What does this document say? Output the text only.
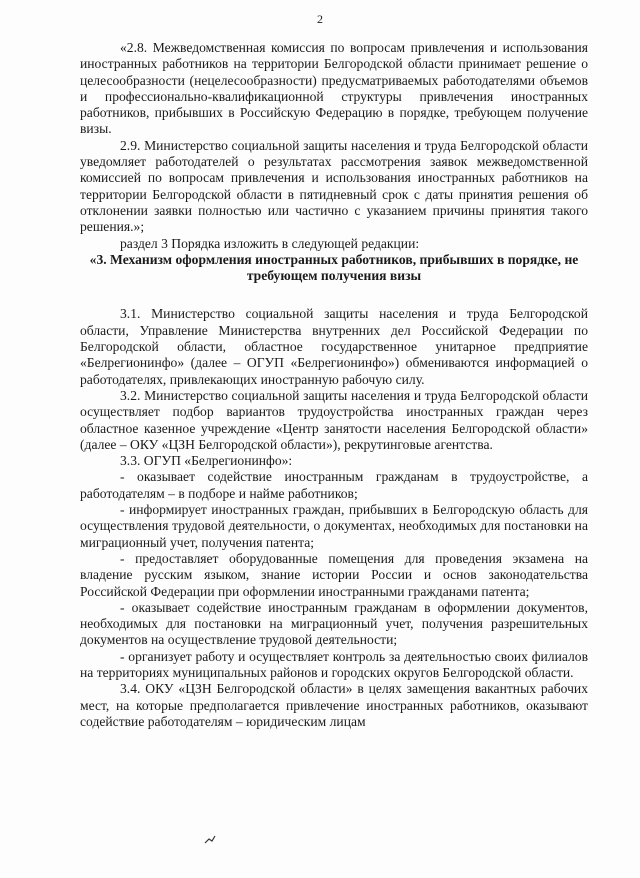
2

«2.8. Межведомственная комиссия по вопросам привлечения и использования иностранных работников на территории Белгородской области принимает решение о целесообразности (нецелесообразности) предусматриваемых работодателями объемов и профессионально-квалификационной структуры привлечения иностранных работников, прибывших в Российскую Федерацию в порядке, требующем получение визы.

2.9. Министерство социальной защиты населения и труда Белгородской области уведомляет работодателей о результатах рассмотрения заявок межведомственной комиссией по вопросам привлечения и использования иностранных работников на территории Белгородской области в пятидневный срок с даты принятия решения об отклонении заявки полностью или частично с указанием причины принятия такого решения.»;

раздел 3 Порядка изложить в следующей редакции:

«3. Механизм оформления иностранных работников, прибывших в порядке, не требующем получения визы

3.1. Министерство социальной защиты населения и труда Белгородской области, Управление Министерства внутренних дел Российской Федерации по Белгородской области, областное государственное унитарное предприятие «Белрегионинфо» (далее – ОГУП «Белрегионинфо») обмениваются информацией о работодателях, привлекающих иностранную рабочую силу.

3.2. Министерство социальной защиты населения и труда Белгородской области осуществляет подбор вариантов трудоустройства иностранных граждан через областное казенное учреждение «Центр занятости населения Белгородской области» (далее – ОКУ «ЦЗН Белгородской области»), рекрутинговые агентства.

3.3. ОГУП «Белрегионинфо»:

- оказывает содействие иностранным гражданам в трудоустройстве, а работодателям – в подборе и найме работников;

- информирует иностранных граждан, прибывших в Белгородскую область для осуществления трудовой деятельности, о документах, необходимых для постановки на миграционный учет, получения патента;

- предоставляет оборудованные помещения для проведения экзамена на владение русским языком, знание истории России и основ законодательства Российской Федерации при оформлении иностранными гражданами патента;

- оказывает содействие иностранным гражданам в оформлении документов, необходимых для постановки на миграционный учет, получения разрешительных документов на осуществление трудовой деятельности;

- организует работу и осуществляет контроль за деятельностью своих филиалов на территориях муниципальных районов и городских округов Белгородской области.

3.4. ОКУ «ЦЗН Белгородской области» в целях замещения вакантных рабочих мест, на которые предполагается привлечение иностранных работников, оказывают содействие работодателям – юридическим лицам
